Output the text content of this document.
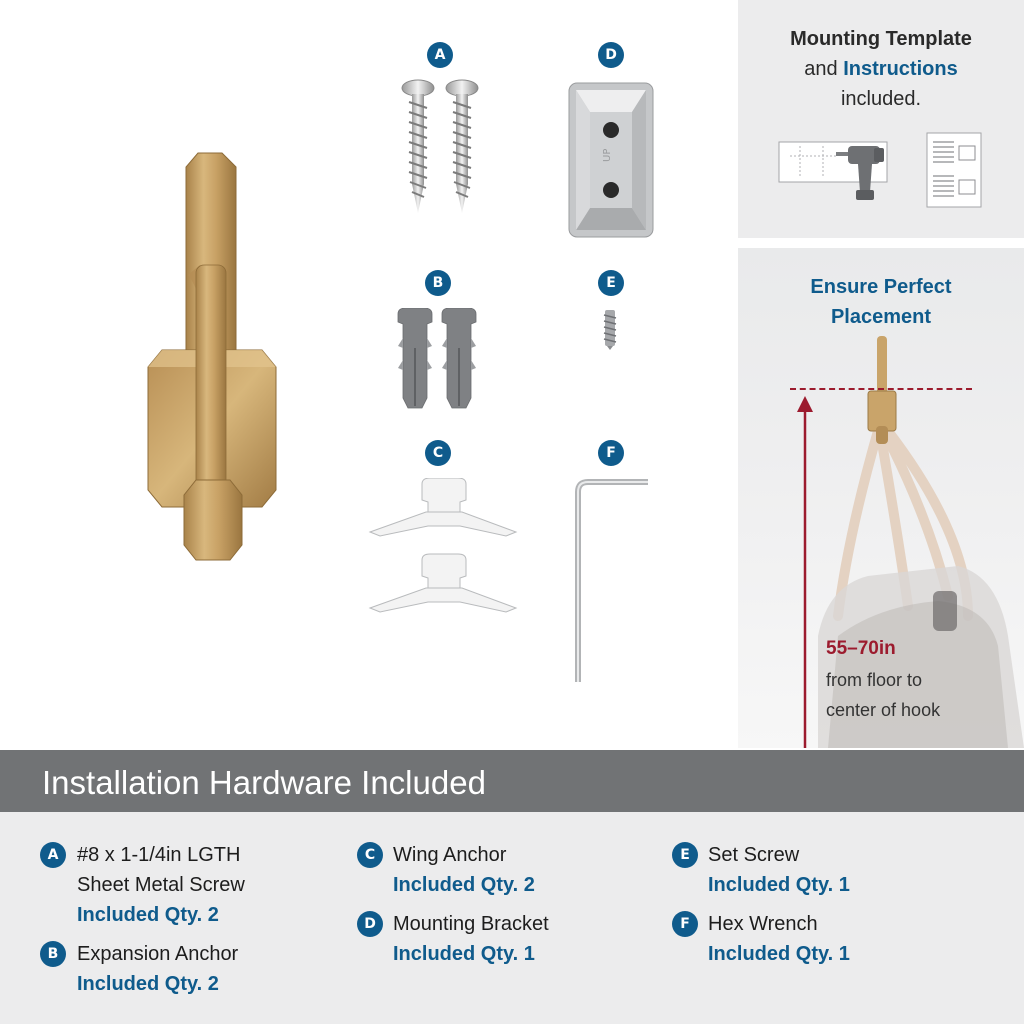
A	D
UP
B	E
C	F
Mounting Template
and Instructions
included.
Ensure Perfect
Placement
55–70in
from floor to
center of hook
Installation Hardware Included
A #8 x 1-1/4in LGTH
Sheet Metal Screw
Included Qty. 2
B Expansion Anchor
Included Qty. 2
C Wing Anchor
Included Qty. 2
D Mounting Bracket
Included Qty. 1
E Set Screw
Included Qty. 1
F Hex Wrench
Included Qty. 1
